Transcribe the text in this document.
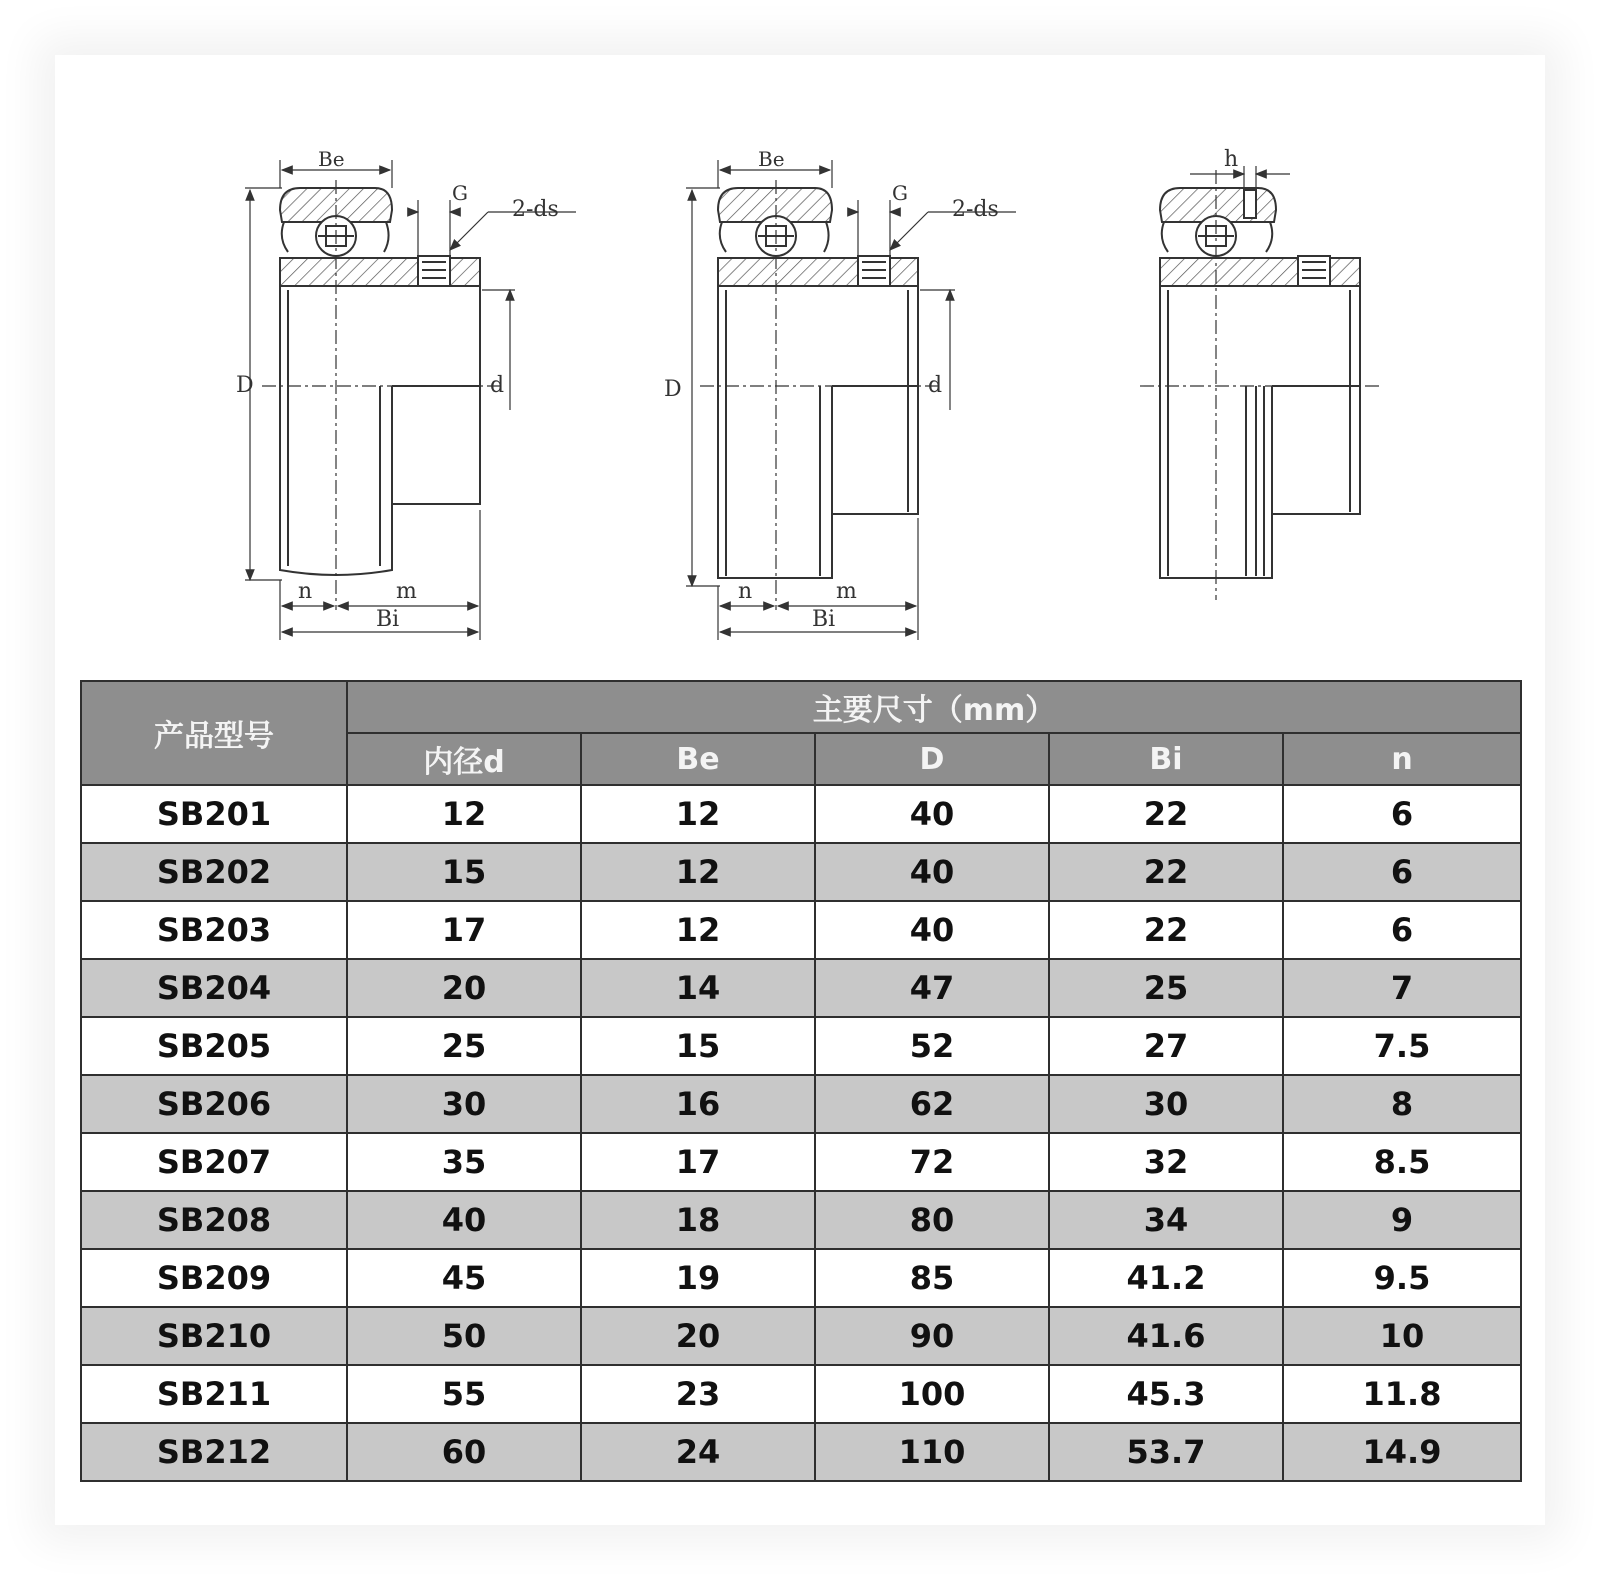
Be
G
2-ds
D	d
n	m
Bi
Be
G
2-ds
D	d
n	m
Bi
h
产品型号	主要尺寸（mm）				
	内径d	Be	D	Bi	n
SB201	12	12	40	22	6
SB202	15	12	40	22	6
SB203	17	12	40	22	6
SB204	20	14	47	25	7
SB205	25	15	52	27	7.5
SB206	30	16	62	30	8
SB207	35	17	72	32	8.5
SB208	40	18	80	34	9
SB209	45	19	85	41.2	9.5
SB210	50	20	90	41.6	10
SB211	55	23	100	45.3	11.8
SB212	60	24	110	53.7	14.9
